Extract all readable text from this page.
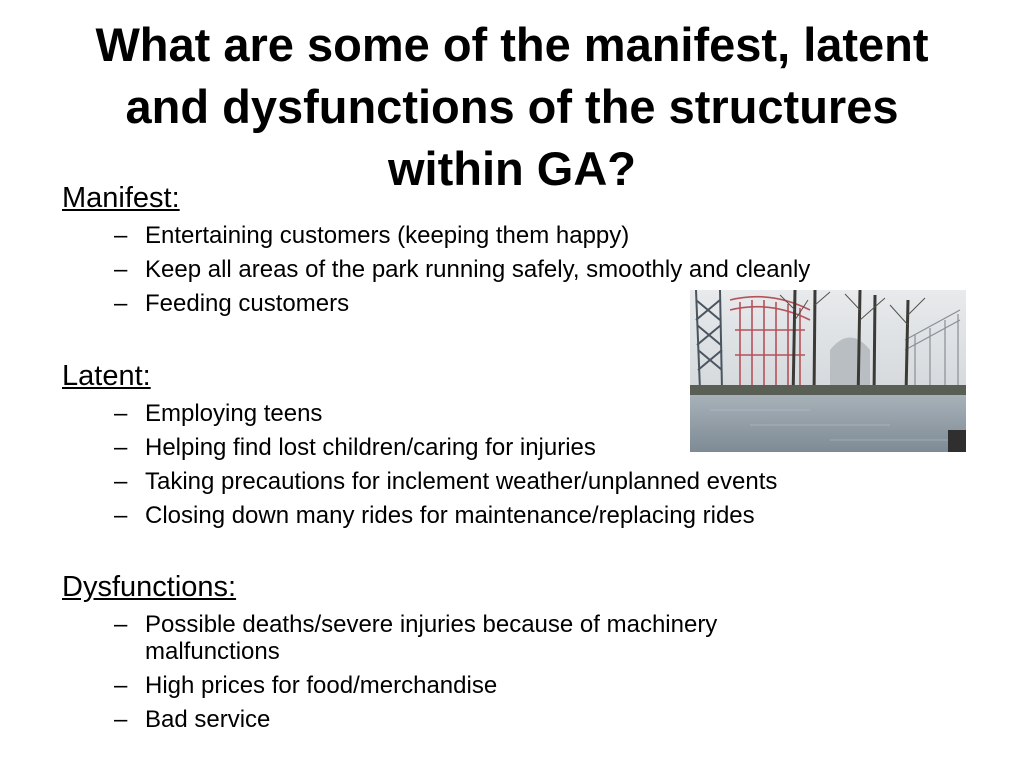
What are some of the manifest, latent
and dysfunctions of the structures
within GA?

Manifest:

– Entertaining customers (keeping them happy)
– Keep all areas of the park running safely, smoothly and cleanly
– Feeding customers

Latent:

– Employing teens
– Helping find lost children/caring for injuries
– Taking precautions for inclement weather/unplanned events
– Closing down many rides for maintenance/replacing rides

Dysfunctions:

– Possible deaths/severe injuries because of machinery malfunctions
– High prices for food/merchandise
– Bad service
